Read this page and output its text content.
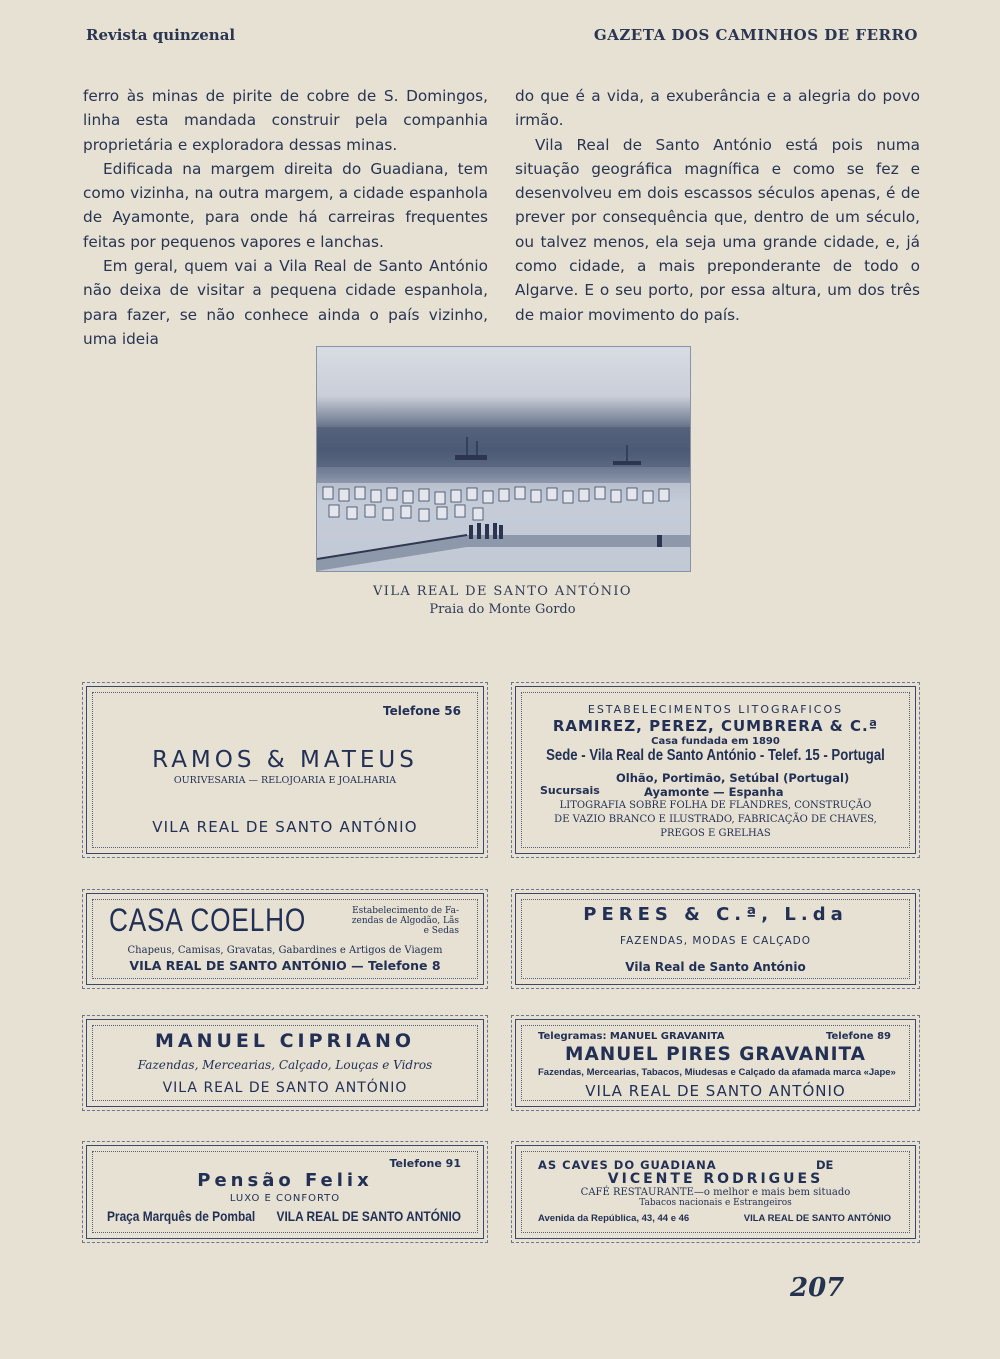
Revista quinzenal	GAZETA DOS CAMINHOS DE FERRO

ferro às minas de pirite de cobre de S. Domingos, linha esta mandada construir pela companhia proprietária e exploradora dessas minas.

Edificada na margem direita do Guadiana, tem como vizinha, na outra margem, a cidade espanhola de Ayamonte, para onde há carreiras frequentes feitas por pequenos vapores e lanchas.

Em geral, quem vai a Vila Real de Santo António não deixa de visitar a pequena cidade espanhola, para fazer, se não conhece ainda o país vizinho, uma ideia

do que é a vida, a exuberância e a alegria do povo irmão.

Vila Real de Santo António está pois numa situação geográfica magnífica e como se fez e desenvolveu em dois escassos séculos apenas, é de prever por consequência que, dentro de um século, ou talvez menos, ela seja uma grande cidade, e, já como cidade, a mais preponderante de todo o Algarve. E o seu porto, por essa altura, um dos três de maior movimento do país.

VILA REAL DE SANTO ANTÓNIO
Praia do Monte Gordo
Telefone 56
RAMOS & MATEUS
OURIVESARIA — RELOJOARIA E JOALHARIA
VILA REAL DE SANTO ANTÓNIO
ESTABELECIMENTOS LITOGRAFICOS
RAMIREZ, PEREZ, CUMBRERA & C.ª
Casa fundada em 1890
Sede - Vila Real de Santo António - Telef. 15 - Portugal
Sucursais
Olhão, Portimão, Setúbal (Portugal)
Ayamonte — Espanha
LITOGRAFIA SOBRE FOLHA DE FLANDRES, CONSTRUÇÃO
DE VAZIO BRANCO E ILUSTRADO, FABRICAÇÃO DE CHAVES,
PREGOS E GRELHAS
CASA COELHO	Estabelecimento de Fa-
zendas de Algodão, Lãs
e Sedas
Chapeus, Camisas, Gravatas, Gabardines e Artigos de Viagem
VILA REAL DE SANTO ANTÓNIO — Telefone 8
PERES & C.ª, L.da
FAZENDAS, MODAS E CALÇADO
Vila Real de Santo António
MANUEL CIPRIANO
Fazendas, Mercearias, Calçado, Louças e Vidros
VILA REAL DE SANTO ANTÓNIO
Telegramas: MANUEL GRAVANITA	Telefone 89
MANUEL PIRES GRAVANITA
Fazendas, Mercearias, Tabacos, Miudesas e Calçado da afamada marca «Jape»
VILA REAL DE SANTO ANTÓNIO
Telefone 91
Pensão Felix
LUXO E CONFORTO
Praça Marquês de Pombal VILA REAL DE SANTO ANTÓNIO
AS CAVES DO GUADIANA	DE
VICENTE RODRIGUES
CAFÉ RESTAURANTE—o melhor e mais bem situado
Tabacos nacionais e Estrangeiros
Avenida da República, 43, 44 e 46	VILA REAL DE SANTO ANTÓNIO
207
